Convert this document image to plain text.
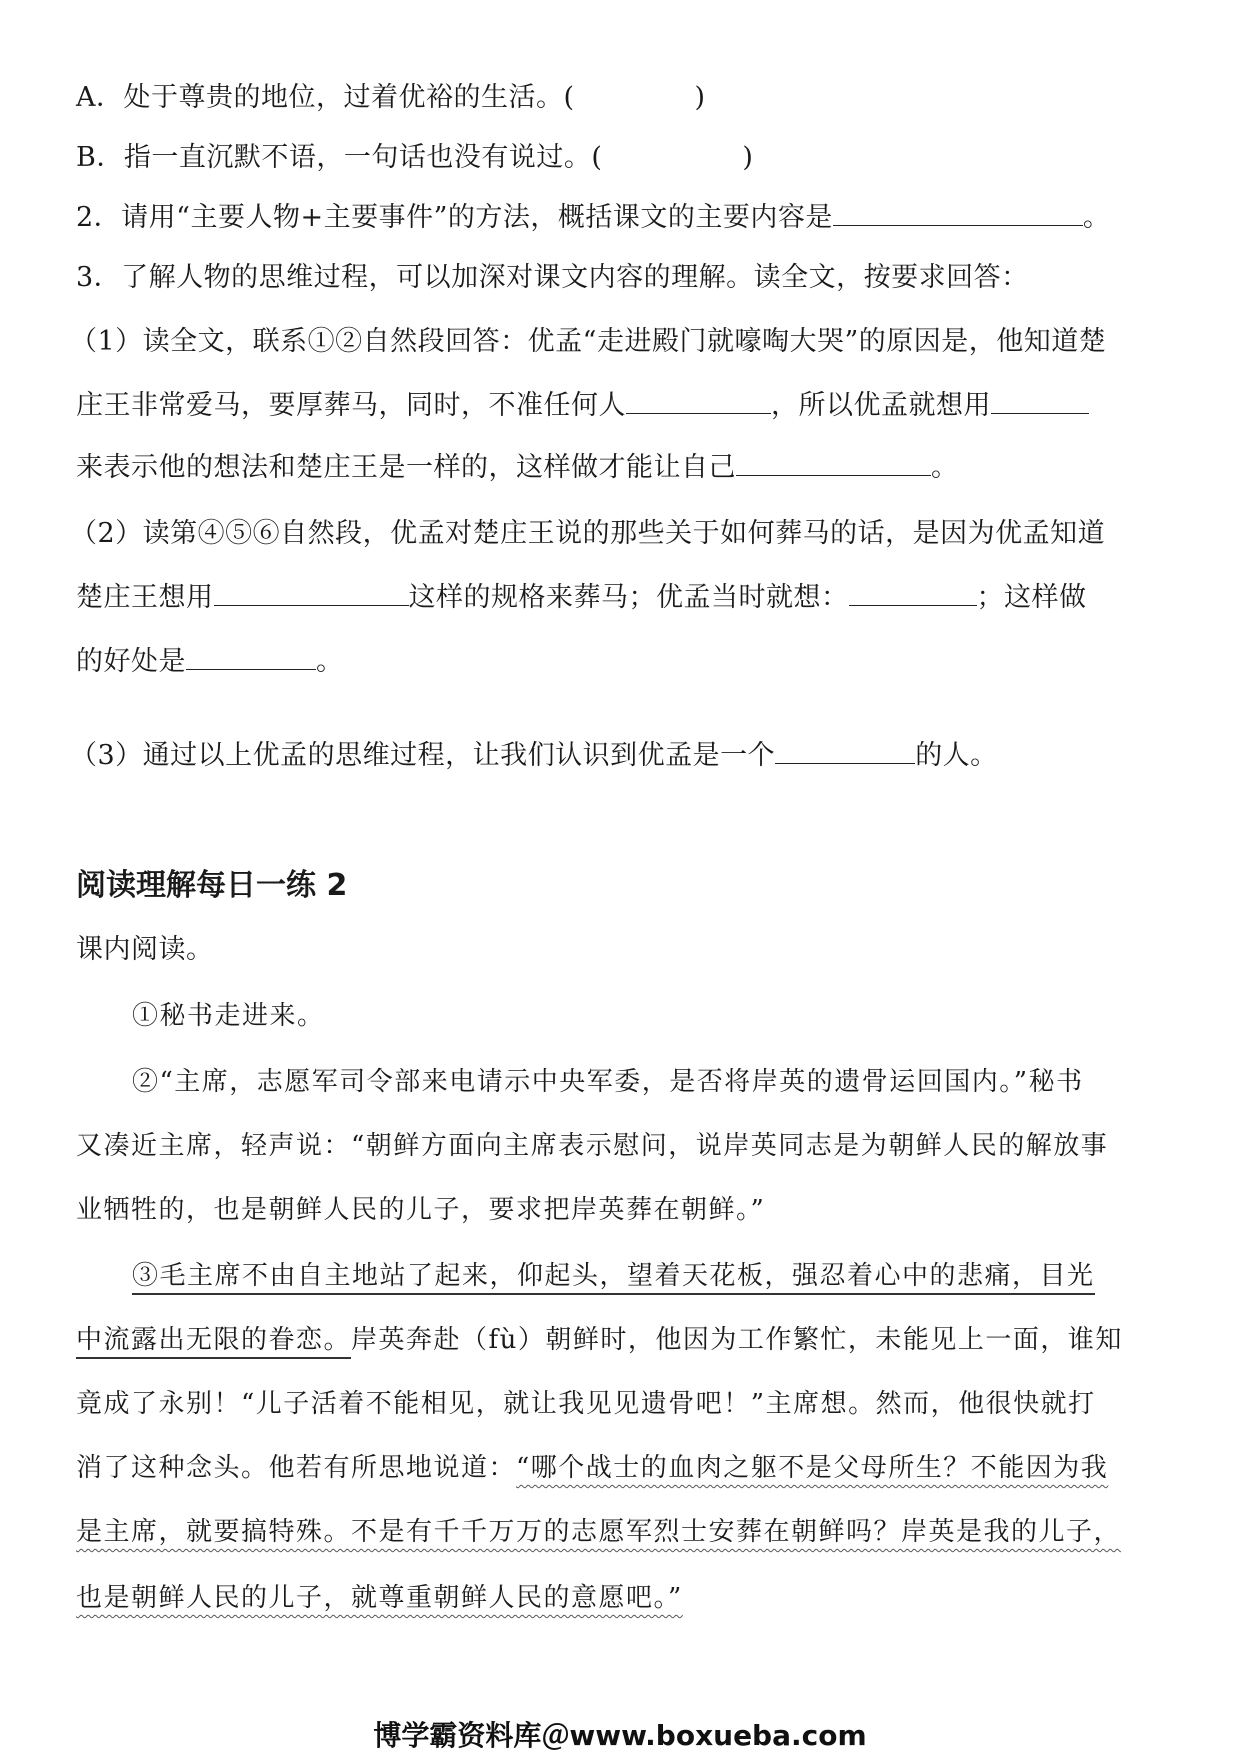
A．处于尊贵的地位，过着优裕的生活。(	)
B．指一直沉默不语，一句话也没有说过。(	)
2．请用“主要人物+主要事件”的方法，概括课文的主要内容是	。
3．了解人物的思维过程，可以加深对课文内容的理解。读全文，按要求回答：
（1）读全文，联系①②自然段回答：优孟“走进殿门就嚎啕大哭”的原因是，他知道楚
庄王非常爱马，要厚葬马，同时，不准任何人	，所以优孟就想用
来表示他的想法和楚庄王是一样的，这样做才能让自己	。
（2）读第④⑤⑥自然段，优孟对楚庄王说的那些关于如何葬马的话，是因为优孟知道
楚庄王想用	这样的规格来葬马；优孟当时就想：	；这样做
的好处是	。
（3）通过以上优孟的思维过程，让我们认识到优孟是一个	的人。
阅读理解每日一练 2
课内阅读。
①秘书走进来。
②“主席，志愿军司令部来电请示中央军委，是否将岸英的遗骨运回国内。”秘书
又凑近主席，轻声说：“朝鲜方面向主席表示慰问，说岸英同志是为朝鲜人民的解放事
业牺牲的，也是朝鲜人民的儿子，要求把岸英葬在朝鲜。”
③毛主席不由自主地站了起来，仰起头，望着天花板，强忍着心中的悲痛，目光
中流露出无限的眷恋。岸英奔赴（fù）朝鲜时，他因为工作繁忙，未能见上一面，谁知
竟成了永别！“儿子活着不能相见，就让我见见遗骨吧！”主席想。然而，他很快就打
消了这种念头。他若有所思地说道：“哪个战士的血肉之躯不是父母所生？不能因为我
是主席，就要搞特殊。不是有千千万万的志愿军烈士安葬在朝鲜吗？岸英是我的儿子，
也是朝鲜人民的儿子，就尊重朝鲜人民的意愿吧。”
博学霸资料库＠www.boxueba.com
